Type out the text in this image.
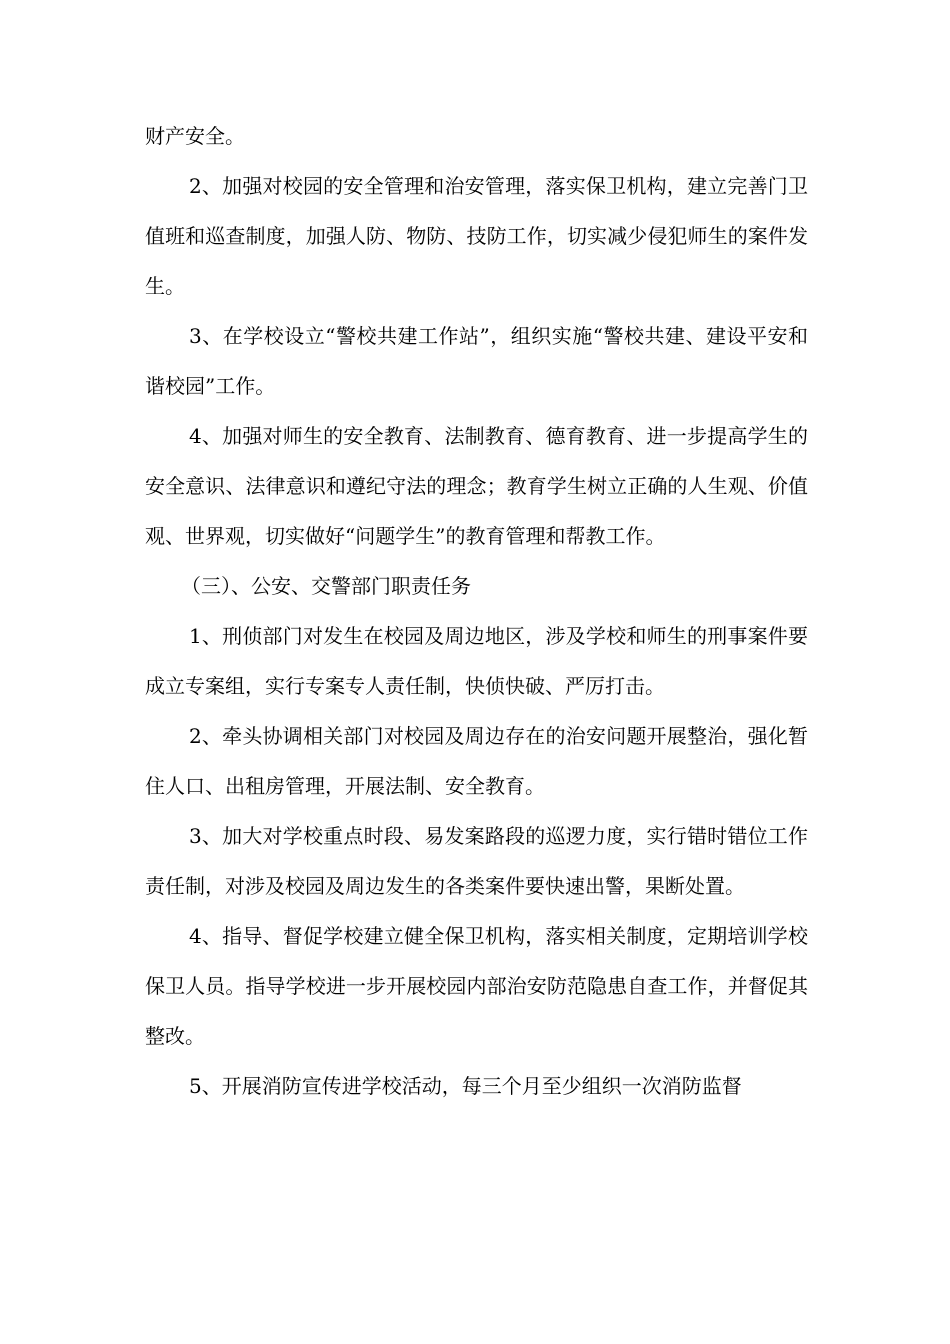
财产安全。

2、加强对校园的安全管理和治安管理，落实保卫机构，建立完善门卫值班和巡查制度，加强人防、物防、技防工作，切实减少侵犯师生的案件发生。

3、在学校设立“警校共建工作站”，组织实施“警校共建、建设平安和谐校园”工作。

4、加强对师生的安全教育、法制教育、德育教育、进一步提高学生的安全意识、法律意识和遵纪守法的理念；教育学生树立正确的人生观、价值观、世界观，切实做好“问题学生”的教育管理和帮教工作。

（三）、公安、交警部门职责任务

1、刑侦部门对发生在校园及周边地区，涉及学校和师生的刑事案件要成立专案组，实行专案专人责任制，快侦快破、严厉打击。

2、牵头协调相关部门对校园及周边存在的治安问题开展整治，强化暂住人口、出租房管理，开展法制、安全教育。

3、加大对学校重点时段、易发案路段的巡逻力度，实行错时错位工作责任制，对涉及校园及周边发生的各类案件要快速出警，果断处置。

4、指导、督促学校建立健全保卫机构，落实相关制度，定期培训学校保卫人员。指导学校进一步开展校园内部治安防范隐患自查工作，并督促其整改。

5、开展消防宣传进学校活动，每三个月至少组织一次消防监督
